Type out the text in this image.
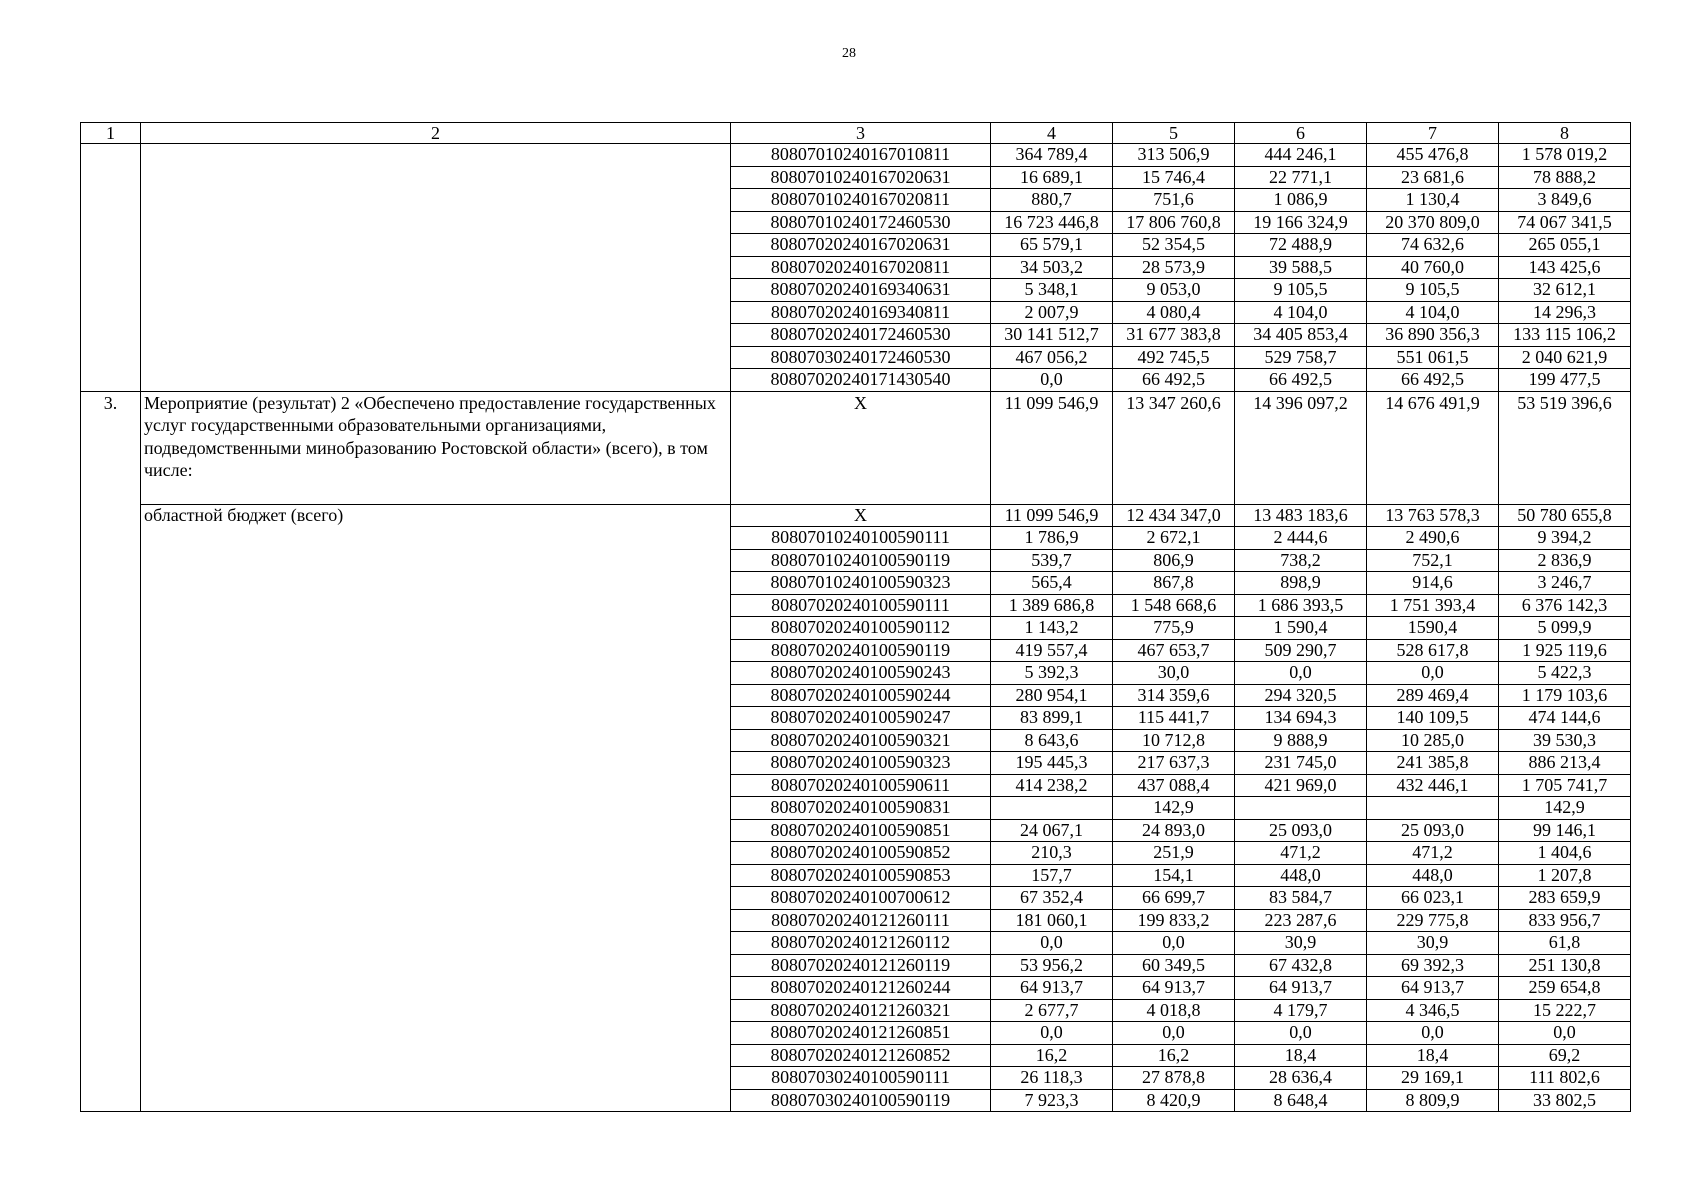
28
1	2	3	4	5	6	7	8
		80807010240167010811	364 789,4	313 506,9	444 246,1	455 476,8	1 578 019,2
		80807010240167020631	16 689,1	15 746,4	22 771,1	23 681,6	78 888,2
		80807010240167020811	880,7	751,6	1 086,9	1 130,4	3 849,6
		80807010240172460530	16 723 446,8	17 806 760,8	19 166 324,9	20 370 809,0	74 067 341,5
		80807020240167020631	65 579,1	52 354,5	72 488,9	74 632,6	265 055,1
		80807020240167020811	34 503,2	28 573,9	39 588,5	40 760,0	143 425,6
		80807020240169340631	5 348,1	9 053,0	9 105,5	9 105,5	32 612,1
		80807020240169340811	2 007,9	4 080,4	4 104,0	4 104,0	14 296,3
		80807020240172460530	30 141 512,7	31 677 383,8	34 405 853,4	36 890 356,3	133 115 106,2
		80807030240172460530	467 056,2	492 745,5	529 758,7	551 061,5	2 040 621,9
		80807020240171430540	0,0	66 492,5	66 492,5	66 492,5	199 477,5
3.	Мероприятие (результат) 2 «Обеспечено предоставление государственных услуг государственными образовательными организациями, подведомственными минобразованию Ростовской области» (всего), в том числе:	X	11 099 546,9	13 347 260,6	14 396 097,2	14 676 491,9	53 519 396,6
	областной бюджет (всего)	X	11 099 546,9	12 434 347,0	13 483 183,6	13 763 578,3	50 780 655,8
		80807010240100590111	1 786,9	2 672,1	2 444,6	2 490,6	9 394,2
		80807010240100590119	539,7	806,9	738,2	752,1	2 836,9
		80807010240100590323	565,4	867,8	898,9	914,6	3 246,7
		80807020240100590111	1 389 686,8	1 548 668,6	1 686 393,5	1 751 393,4	6 376 142,3
		80807020240100590112	1 143,2	775,9	1 590,4	1590,4	5 099,9
		80807020240100590119	419 557,4	467 653,7	509 290,7	528 617,8	1 925 119,6
		80807020240100590243	5 392,3	30,0	0,0	0,0	5 422,3
		80807020240100590244	280 954,1	314 359,6	294 320,5	289 469,4	1 179 103,6
		80807020240100590247	83 899,1	115 441,7	134 694,3	140 109,5	474 144,6
		80807020240100590321	8 643,6	10 712,8	9 888,9	10 285,0	39 530,3
		80807020240100590323	195 445,3	217 637,3	231 745,0	241 385,8	886 213,4
		80807020240100590611	414 238,2	437 088,4	421 969,0	432 446,1	1 705 741,7
		80807020240100590831		142,9			142,9
		80807020240100590851	24 067,1	24 893,0	25 093,0	25 093,0	99 146,1
		80807020240100590852	210,3	251,9	471,2	471,2	1 404,6
		80807020240100590853	157,7	154,1	448,0	448,0	1 207,8
		80807020240100700612	67 352,4	66 699,7	83 584,7	66 023,1	283 659,9
		80807020240121260111	181 060,1	199 833,2	223 287,6	229 775,8	833 956,7
		80807020240121260112	0,0	0,0	30,9	30,9	61,8
		80807020240121260119	53 956,2	60 349,5	67 432,8	69 392,3	251 130,8
		80807020240121260244	64 913,7	64 913,7	64 913,7	64 913,7	259 654,8
		80807020240121260321	2 677,7	4 018,8	4 179,7	4 346,5	15 222,7
		80807020240121260851	0,0	0,0	0,0	0,0	0,0
		80807020240121260852	16,2	16,2	18,4	18,4	69,2
		80807030240100590111	26 118,3	27 878,8	28 636,4	29 169,1	111 802,6
		80807030240100590119	7 923,3	8 420,9	8 648,4	8 809,9	33 802,5
